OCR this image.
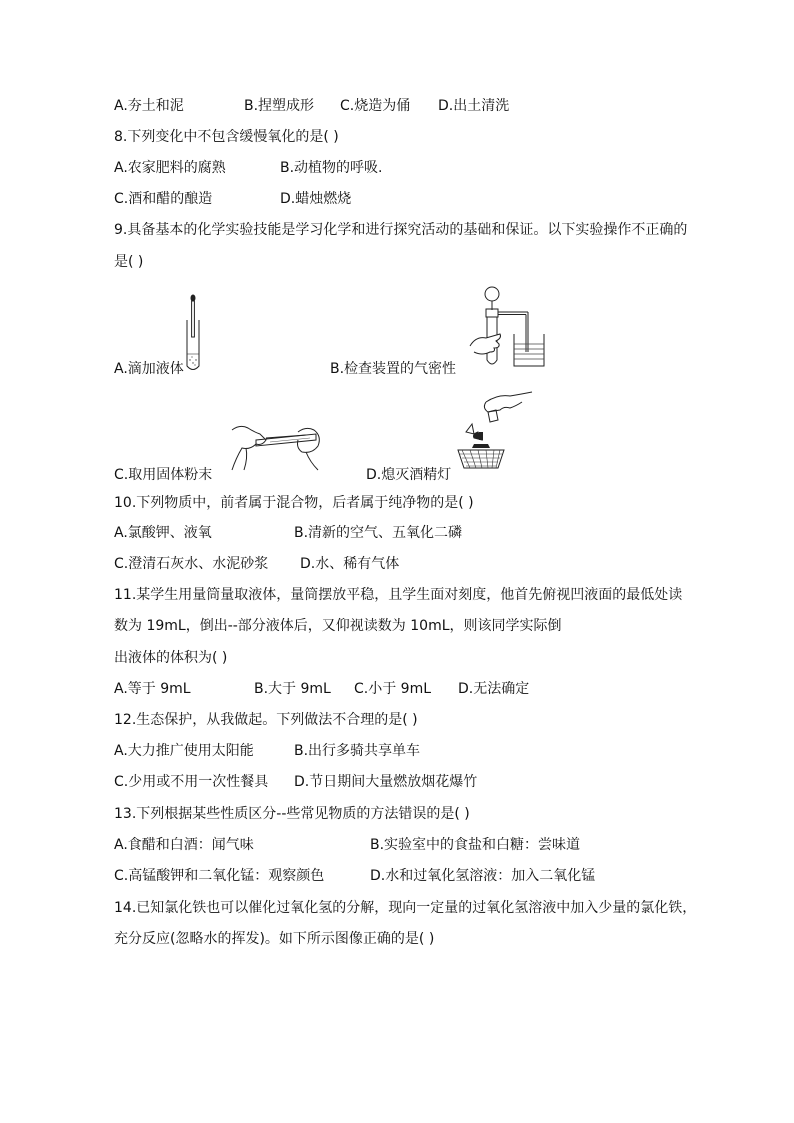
A.夯土和泥	B.捏塑成形 C.烧造为俑 D.出土清洗
8.下列变化中不包含缓慢氧化的是( )
A.农家肥料的腐熟	B.动植物的呼吸.
C.酒和醋的酿造	D.蜡烛燃烧
9.具备基本的化学实验技能是学习化学和进行探究活动的基础和保证。以下实验操作不正确的
是( )
A.滴加液体	B.检查装置的气密性
C.取用固体粉末	D.熄灭酒精灯
10.下列物质中，前者属于混合物，后者属于纯净物的是( )
A.氯酸钾、液氧	B.清新的空气、五氧化二磷
C.澄清石灰水、水泥砂浆 D.水、稀有气体
11.某学生用量筒量取液体，量筒摆放平稳，且学生面对刻度，他首先俯视凹液面的最低处读
数为 19mL，倒出--部分液体后，又仰视读数为 10mL，则该同学实际倒
出液体的体积为( )
A.等于 9mL	B.大于 9mL C.小于 9mL D.无法确定
12.生态保护，从我做起。下列做法不合理的是( )
A.大力推广使用太阳能	B.出行多骑共享单车
C.少用或不用一次性餐具 D.节日期间大量燃放烟花爆竹
13.下列根据某些性质区分--些常见物质的方法错误的是( )
A.食醋和白酒：闻气味	B.实验室中的食盐和白糖：尝味道
C.高锰酸钾和二氧化锰：观察颜色	D.水和过氧化氢溶液：加入二氧化锰
14.已知氯化铁也可以催化过氧化氢的分解，现向一定量的过氧化氢溶液中加入少量的氯化铁，
充分反应(忽略水的挥发)。如下所示图像正确的是( )
